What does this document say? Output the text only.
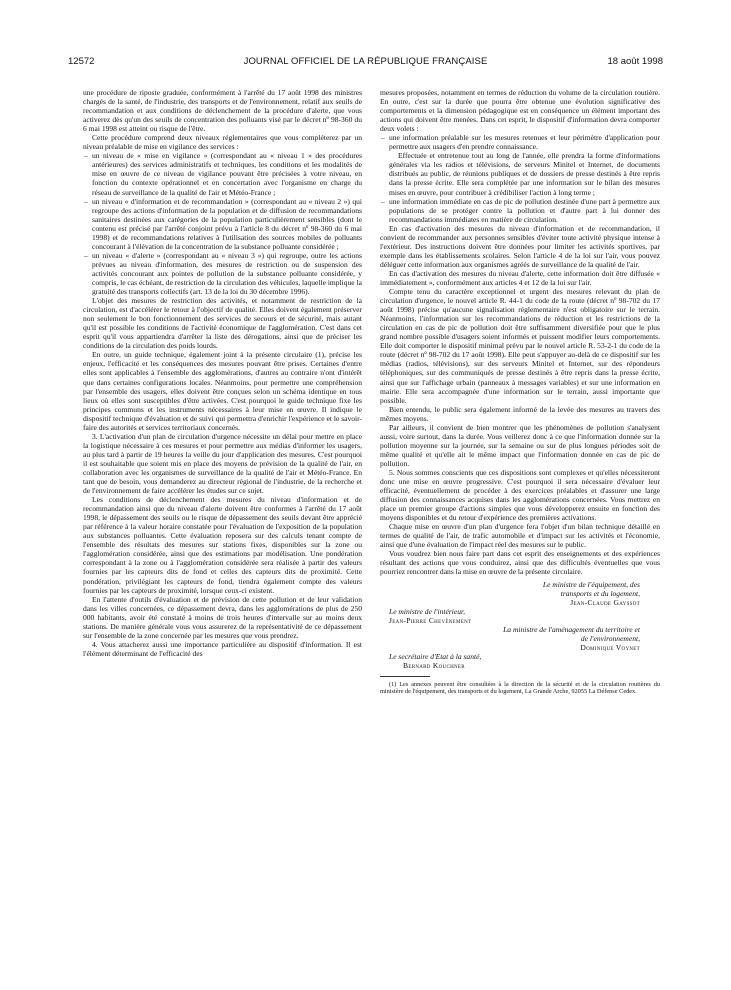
JOURNAL OFFICIEL DE LA RÉPUBLIQUE FRANÇAISE
12572	18 août 1998

une procédure de riposte graduée, conformément à l'arrêté du 17 août 1998 des ministres chargés de la santé, de l'industrie, des transports et de l'environnement, relatif aux seuils de recommandation et aux conditions de déclenchement de la procédure d'alerte, que vous activerez dès qu'un des seuils de concentration des polluants visé par le décret nº 98-360 du 6 mai 1998 est atteint ou risque de l'être.

Cette procédure comprend deux niveaux réglementaires que vous compléterez par un niveau préalable de mise en vigilance des services :

– un niveau de « mise en vigilance » (correspondant au « niveau 1 » des procédures antérieures) des services administratifs et techniques, les conditions et les modalités de mise en œuvre de ce niveau de vigilance pouvant être précisées à votre niveau, en fonction du contexte opérationnel et en concertation avec l'organisme en charge du réseau de surveillance de la qualité de l'air et Météo-France ;
– un niveau « d'information et de recommandation » (correspondant au « niveau 2 ») qui regroupe des actions d'information de la population et de diffusion de recommandations sanitaires destinées aux catégories de la population particulièrement sensibles (dont le contenu est précisé par l'arrêté conjoint prévu à l'article 8 du décret nº 98-360 du 6 mai 1998) et de recommandations relatives à l'utilisation des sources mobiles de polluants concourant à l'élévation de la concentration de la substance polluante considérée ;
– un niveau « d'alerte » (correspondant au « niveau 3 ») qui regroupe, outre les actions prévues au niveau d'information, des mesures de restriction ou de suspension des activités concourant aux pointes de pollution de la substance polluante considérée, y compris, le cas échéant, de restriction de la circulation des véhicules, laquelle implique la gratuité des transports collectifs (art. 13 de la loi du 30 décembre 1996).

L'objet des mesures de restriction des activités, et notamment de restriction de la circulation, est d'accélérer le retour à l'objectif de qualité. Elles doivent également préserver non seulement le bon fonctionnement des services de secours et de sécurité, mais autant qu'il est possible les conditions de l'activité économique de l'agglomération. C'est dans cet esprit qu'il vous appartiendra d'arrêter la liste des dérogations, ainsi que de préciser les conditions de la circulation des poids lourds.

En outre, un guide technique, également joint à la présente circulaire (1), précise les enjeux, l'efficacité et les conséquences des mesures pouvant être prises. Certaines d'entre elles sont applicables à l'ensemble des agglomérations, d'autres au contraire n'ont d'intérêt que dans certaines configurations locales. Néanmoins, pour permettre une compréhension par l'ensemble des usagers, elles doivent être conçues selon un schéma identique en tous lieux où elles sont susceptibles d'être activées. C'est pourquoi le guide technique fixe les principes communs et les instruments nécessaires à leur mise en œuvre. Il indique le dispositif technique d'évaluation et de suivi qui permettra d'enrichir l'expérience et le savoir-faire des autorités et services territoriaux concernés.

3. L'activation d'un plan de circulation d'urgence nécessite un délai pour mettre en place la logistique nécessaire à ces mesures et pour permettre aux médias d'informer les usagers, au plus tard à partir de 19 heures la veille du jour d'application des mesures. C'est pourquoi il est souhaitable que soient mis en place des moyens de prévision de la qualité de l'air, en collaboration avec les organismes de surveillance de la qualité de l'air et Météo-France. En tant que de besoin, vous demanderez au directeur régional de l'industrie, de la recherche et de l'environnement de faire accélérer les études sur ce sujet.

Les conditions de déclenchement des mesures du niveau d'information et de recommandation ainsi que du niveau d'alerte doivent être conformes à l'arrêté du 17 août 1998, le dépassement des seuils ou le risque de dépassement des seuils devant être apprécié par référence à la valeur horaire constatée pour l'évaluation de l'exposition de la population aux substances polluantes. Cette évaluation reposera sur des calculs tenant compte de l'ensemble des résultats des mesures sur stations fixes, disponibles sur la zone ou l'agglomération considérée, ainsi que des estimations par modélisation. Une pondération correspondant à la zone ou à l'agglomération considérée sera réalisée à partir des valeurs fournies par les capteurs dits de fond et celles des capteurs dits de proximité. Cette pondération, privilégiant les capteurs de fond, tiendra également compte des valeurs fournies par les capteurs de proximité, lorsque ceux-ci existent.

En l'attente d'outils d'évaluation et de prévision de cette pollution et de leur validation dans les villes concernées, ce dépassement devra, dans les agglomérations de plus de 250 000 habitants, avoir été constaté à moins de trois heures d'intervalle sur au moins deux stations. De manière générale vous vous assurerez de la représentativité de ce dépassement sur l'ensemble de la zone concernée par les mesures que vous prendrez.

4. Vous attacherez aussi une importance particulière au dispositif d'information. Il est l'élément déterminant de l'efficacité des

mesures proposées, notamment en termes de réduction du volume de la circulation routière. En outre, c'est sur la durée que pourra être obtenue une évolution significative des comportements et la dimension pédagogique est en conséquence un élément important des actions qui doivent être menées. Dans cet esprit, le dispositif d'information devra comporter deux volets :

– une information préalable sur les mesures retenues et leur périmètre d'application pour permettre aux usagers d'en prendre connaissance.

Effectuée et entretenue tout au long de l'année, elle prendra la forme d'informations générales via les radios et télévisions, de serveurs Minitel et Internet, de documents distribués au public, de réunions publiques et de dossiers de presse destinés à être repris dans la presse écrite. Elle sera complétée par une information sur le bilan des mesures mises en œuvre, pour contribuer à crédibiliser l'action à long terme ;

– une information immédiate en cas de pic de pollution destinée d'une part à permettre aux populations de se protéger contre la pollution et d'autre part à lui donner des recommandations immédiates en matière de circulation.

En cas d'activation des mesures du niveau d'information et de recommandation, il convient de recommander aux personnes sensibles d'éviter toute activité physique intense à l'extérieur. Des instructions doivent être données pour limiter les activités sportives, par exemple dans les établissements scolaires. Selon l'article 4 de la loi sur l'air, vous pouvez déléguer cette information aux organismes agréés de surveillance de la qualité de l'air.

En cas d'activation des mesures du niveau d'alerte, cette information doit être diffusée « immédiatement », conformément aux articles 4 et 12 de la loi sur l'air.

Compte tenu du caractère exceptionnel et urgent des mesures relevant du plan de circulation d'urgence, le nouvel article R. 44-1 du code de la route (décret nº 98-702 du 17 août 1998) précise qu'aucune signalisation réglementaire n'est obligatoire sur le terrain. Néanmoins, l'information sur les recommandations de réduction et les restrictions de la circulation en cas de pic de pollution doit être suffisamment diversifiée pour que le plus grand nombre possible d'usagers soient informés et puissent modifier leurs comportements. Elle doit comporter le dispositif minimal prévu par le nouvel article R. 53-2-1 du code de la route (décret nº 98-702 du 17 août 1998). Elle peut s'appuyer au-delà de ce dispositif sur les médias (radios, télévisions), sur des serveurs Minitel et Internet, sur des répondeurs téléphoniques, sur des communiqués de presse destinés à être repris dans la presse écrite, ainsi que sur l'affichage urbain (panneaux à messages variables) et sur une information en mairie. Elle sera accompagnée d'une information sur le terrain, aussi importante que possible.

Bien entendu, le public sera également informé de la levée des mesures au travers des mêmes moyens.

Par ailleurs, il convient de bien montrer que les phénomènes de pollution s'analysent aussi, voire surtout, dans la durée. Vous veillerez donc à ce que l'information donnée sur la pollution moyenne sur la journée, sur la semaine ou sur de plus longues périodes soit de même qualité et qu'elle ait le même impact que l'information donnée en cas de pic de pollution.

5. Nous sommes conscients que ces dispositions sont complexes et qu'elles nécessiteront donc une mise en œuvre progressive. C'est pourquoi il sera nécessaire d'évaluer leur efficacité, éventuellement de procéder à des exercices préalables et d'assurer une large diffusion des connaissances acquises dans les agglomérations concernées. Vous mettrez en place un premier groupe d'actions simples que vous développerez ensuite en fonction des moyens disponibles et du retour d'expérience des premières activations.

Chaque mise en œuvre d'un plan d'urgence fera l'objet d'un bilan technique détaillé en termes de qualité de l'air, de trafic automobile et d'impact sur les activités et l'économie, ainsi que d'une évaluation de l'impact réel des mesures sur le public.

Vous voudrez bien nous faire part dans cet esprit des enseignements et des expériences résultant des actions que vous conduirez, ainsi que des difficultés éventuelles que vous pourriez rencontrer dans la mise en œuvre de la présente circulaire.

Le ministre de l'équipement, des transports et du logement,

Jean-Claude Gayssot

Le ministre de l'intérieur,

Jean-Pierre Chevènement

La ministre de l'aménagement du territoire et de l'environnement,

Dominique Voynet

Le secrétaire d'Etat à la santé,

Bernard Kouchner

(1) Les annexes peuvent être consultées à la direction de la sécurité et de la circulation routières du ministère de l'équipement, des transports et du logement, La Grande Arche, 92055 La Défense Cedex.
